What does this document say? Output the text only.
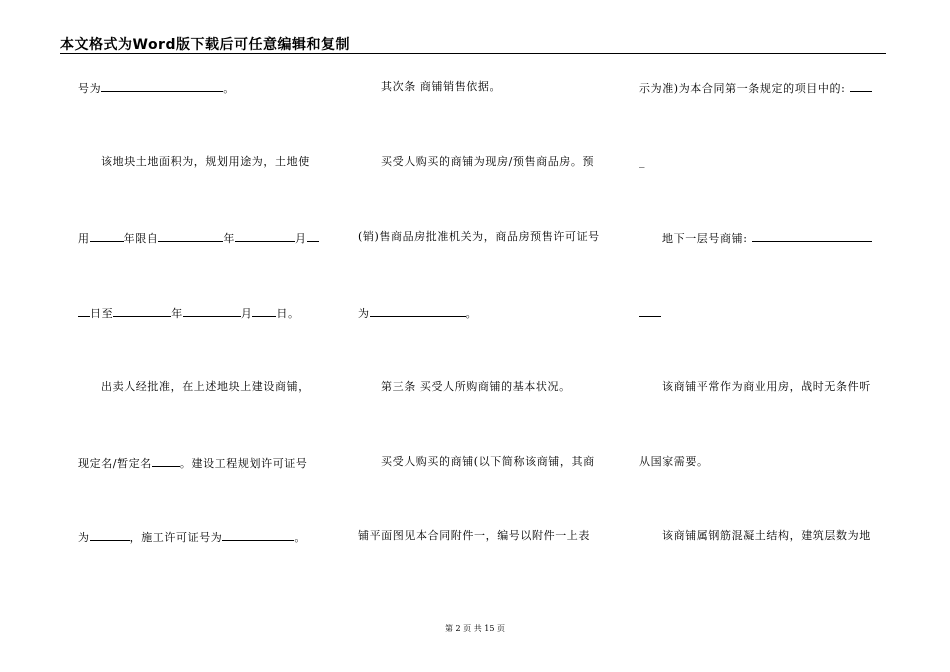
本文格式为Word版下载后可任意编辑和复制
号为	。
该地块土地面积为，规划用途为，土地使
用	年限自	年	月
日至	年	月 日。
出卖人经批准，在上述地块上建设商铺，
现定名/暂定名	。建设工程规划许可证号
为	，施工许可证号为	。
其次条 商铺销售依据。
买受人购买的商铺为现房/预售商品房。预
(销)售商品房批准机关为，商品房预售许可证号
为	。
第三条 买受人所购商铺的基本状况。
买受人购买的商铺(以下简称该商铺，其商
铺平面图见本合同附件一，编号以附件一上表
示为准)为本合同第一条规定的项目中的:
_
地下一层号商铺:
该商铺平常作为商业用房，战时无条件听
从国家需要。
该商铺属钢筋混凝土结构，建筑层数为地
第 2 页 共 15 页
